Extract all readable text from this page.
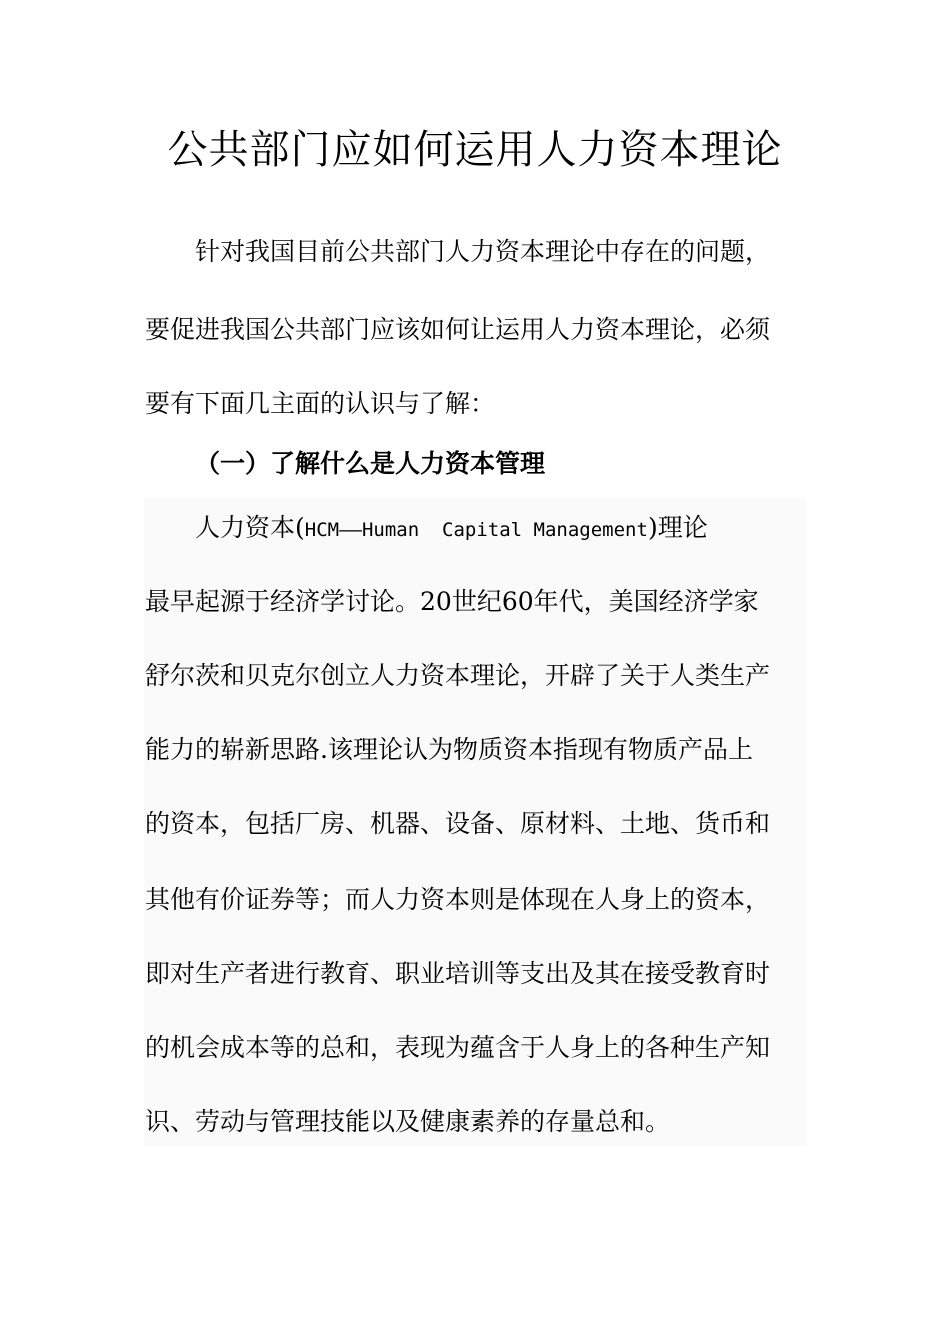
公共部门应如何运用人力资本理论

针对我国目前公共部门人力资本理论中存在的问题，

要促进我国公共部门应该如何让运用人力资本理论，必须

要有下面几主面的认识与了解：

（一）了解什么是人力资本管理

人力资本(HCM——Human  Capital Management)理论

最早起源于经济学讨论。20世纪60年代，美国经济学家

舒尔茨和贝克尔创立人力资本理论，开辟了关于人类生产

能力的崭新思路.该理论认为物质资本指现有物质产品上

的资本，包括厂房、机器、设备、原材料、土地、货币和

其他有价证券等；而人力资本则是体现在人身上的资本，

即对生产者进行教育、职业培训等支出及其在接受教育时

的机会成本等的总和，表现为蕴含于人身上的各种生产知

识、劳动与管理技能以及健康素养的存量总和。
